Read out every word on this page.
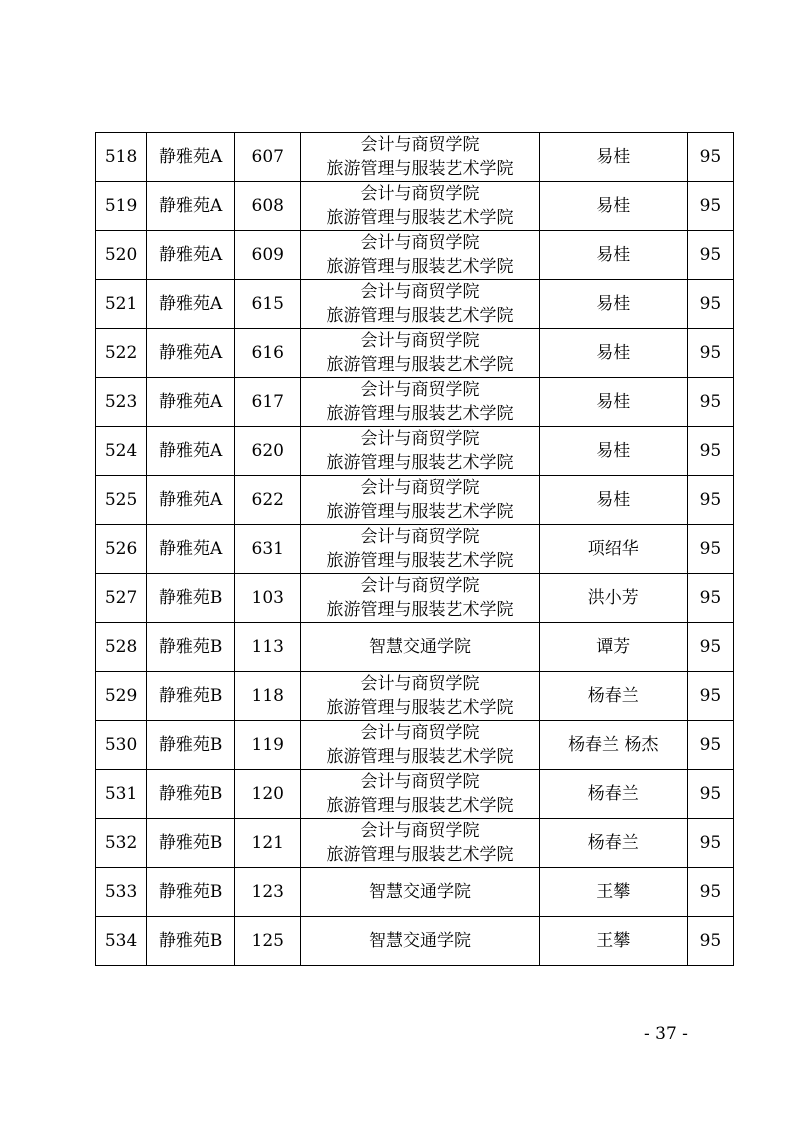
518	静雅苑A	607	会计与商贸学院
旅游管理与服装艺术学院	易桂	95
519	静雅苑A	608	会计与商贸学院
旅游管理与服装艺术学院	易桂	95
520	静雅苑A	609	会计与商贸学院
旅游管理与服装艺术学院	易桂	95
521	静雅苑A	615	会计与商贸学院
旅游管理与服装艺术学院	易桂	95
522	静雅苑A	616	会计与商贸学院
旅游管理与服装艺术学院	易桂	95
523	静雅苑A	617	会计与商贸学院
旅游管理与服装艺术学院	易桂	95
524	静雅苑A	620	会计与商贸学院
旅游管理与服装艺术学院	易桂	95
525	静雅苑A	622	会计与商贸学院
旅游管理与服装艺术学院	易桂	95
526	静雅苑A	631	会计与商贸学院
旅游管理与服装艺术学院	项绍华	95
527	静雅苑B	103	会计与商贸学院
旅游管理与服装艺术学院	洪小芳	95
528	静雅苑B	113	智慧交通学院	谭芳	95
529	静雅苑B	118	会计与商贸学院
旅游管理与服装艺术学院	杨春兰	95
530	静雅苑B	119	会计与商贸学院
旅游管理与服装艺术学院	杨春兰 杨杰	95
531	静雅苑B	120	会计与商贸学院
旅游管理与服装艺术学院	杨春兰	95
532	静雅苑B	121	会计与商贸学院
旅游管理与服装艺术学院	杨春兰	95
533	静雅苑B	123	智慧交通学院	王攀	95
534	静雅苑B	125	智慧交通学院	王攀	95
- 37 -
